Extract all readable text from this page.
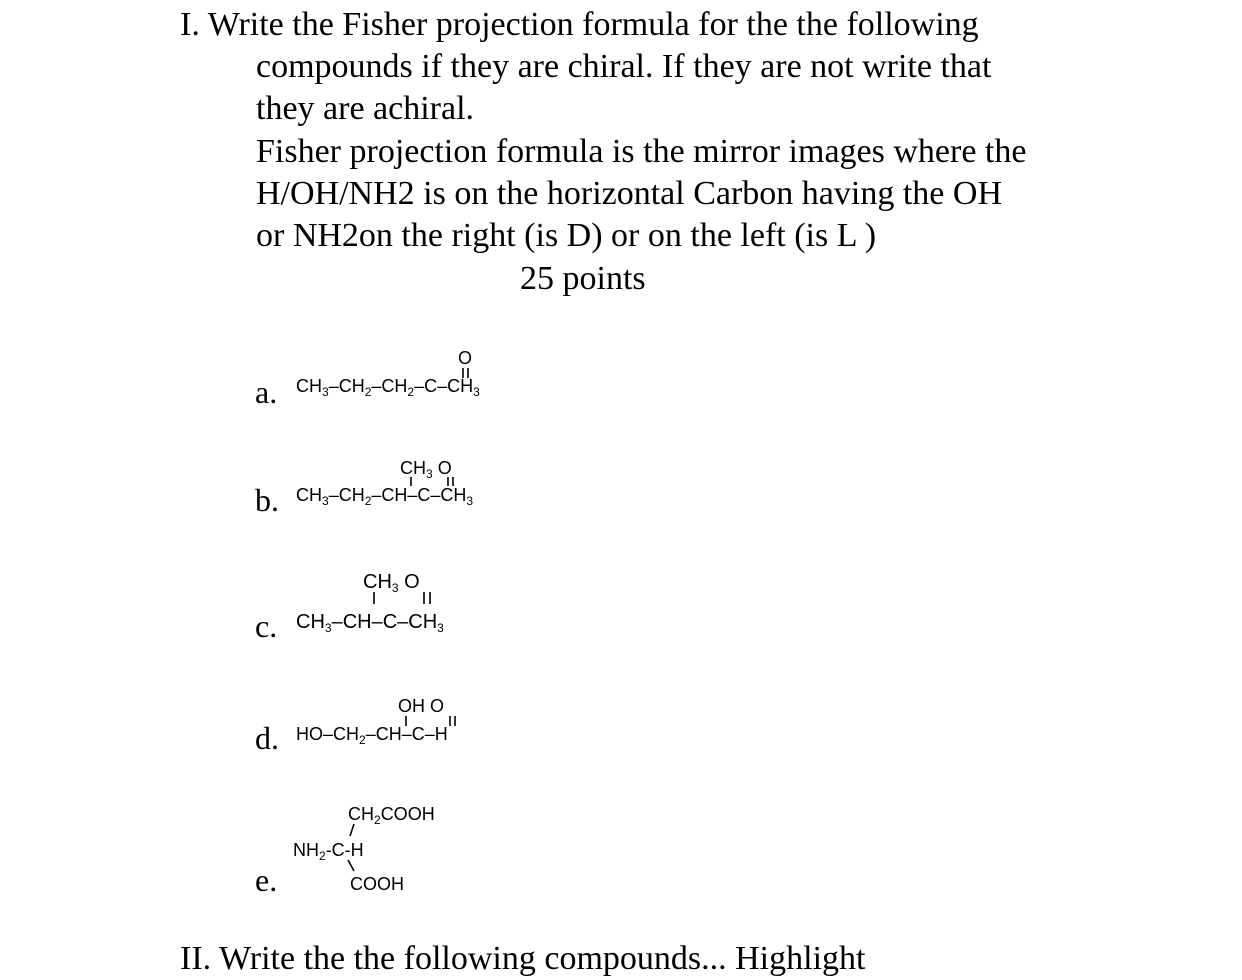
I. Write the Fisher projection formula for the the following
compounds if they are chiral. If they are not write that
they are achiral.
Fisher projection formula is the mirror images where the
H/OH/NH2 is on the horizontal Carbon having the OH
or NH2on the right (is D) or on the left (is L )
25 points
a. $CH_3-CH_2-CH_2-C-CH_3$
O
b. $CH_3-CH_2-CH-C-CH_3$
$CH_3$ O
c. $CH_3-CH-C-CH_3$
$CH_3$ O
d. $HO-CH_2-CH-C-H$
OH O
e.
$CH_2COOH$
$NH_2-C-H$
COOH
II. Write the the following compounds... Highlight
